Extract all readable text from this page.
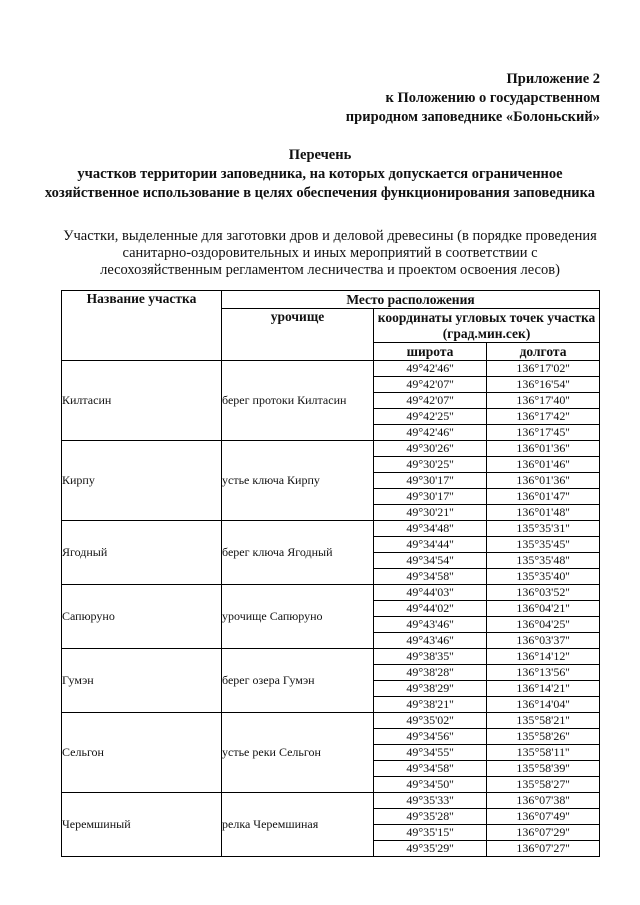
Приложение 2
к Положению о государственном
природном заповеднике «Болоньский»
Перечень
участков территории заповедника, на которых допускается ограниченное хозяйственное использование в целях обеспечения функционирования заповедника
Участки, выделенные для заготовки дров и деловой древесины (в порядке проведения санитарно-оздоровительных и иных мероприятий в соответствии с лесохозяйственным регламентом лесничества и проектом освоения лесов)
Название участка	Место расположения		
	урочище	координаты угловых точек участка (град.мин.сек)	
		широта	долгота
Килтасин	берег протоки Килтасин	49°42'46''	136°17'02''
		49°42'07''	136°16'54''
		49°42'07''	136°17'40''
		49°42'25''	136°17'42''
		49°42'46''	136°17'45''
Кирпу	устье ключа Кирпу	49°30'26''	136°01'36''
		49°30'25''	136°01'46''
		49°30'17''	136°01'36''
		49°30'17''	136°01'47''
		49°30'21''	136°01'48''
Ягодный	берег ключа Ягодный	49°34'48''	135°35'31''
		49°34'44''	135°35'45''
		49°34'54''	135°35'48''
		49°34'58''	135°35'40''
Сапюруно	урочище Сапюруно	49°44'03''	136°03'52''
		49°44'02''	136°04'21''
		49°43'46''	136°04'25''
		49°43'46''	136°03'37''
Гумэн	берег озера Гумэн	49°38'35''	136°14'12''
		49°38'28''	136°13'56''
		49°38'29''	136°14'21''
		49°38'21''	136°14'04''
Сельгон	устье реки Сельгон	49°35'02''	135°58'21''
		49°34'56''	135°58'26''
		49°34'55''	135°58'11''
		49°34'58''	135°58'39''
		49°34'50''	135°58'27''
Черемшиный	релка Черемшиная	49°35'33''	136°07'38''
		49°35'28''	136°07'49''
		49°35'15''	136°07'29''
		49°35'29''	136°07'27''
